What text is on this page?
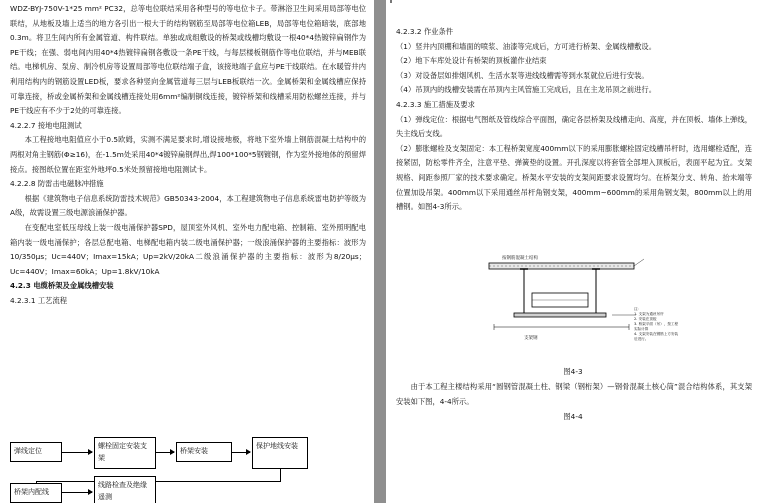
WDZ-BYJ-750V-1*25 mm² PC32，总等电位联结采用各种型号的等电位卡子。带淋浴卫生间采用局部等电位联结，从地板及墙上适当的地方各引出一根大于的结构钢筋至局部等电位箱LEB，局部等电位箱暗装，底部地0.3m。将卫生间内所有金属管道、构件联结。单独或成组敷设的桥架或线槽均敷设一根40*4热镀锌扁钢作为PE干线；在强、弱电间内用40*4热镀锌扁钢各敷设一条PE干线，与每层楼板钢筋作等电位联结，并与MEB联结。电梯机房、泵房、制冷机房等设置局部等电位联结端子盒，该接地端子盒应与PE干线联结。在水暖管井内利用结构内的钢筋设置LED板，要求各种竖向金属管道每三层与LEB板联结一次。金属桥架和金属线槽应保持可靠连接，桥或金属桥架和金属线槽连接处用6mm²编制铜线连接，镀锌桥架和线槽采用防松螺丝连接，并与PE干线应有不少于2处的可靠连接。

4.2.2.7 接地电阻测试

本工程接地电阻值应小于0.5欧姆，实测不满足要求时,增设接地极，将地下室外墙上钢筋混凝土结构中的两根对角主钢筋(Φ≥16)，在-1.5m处采用40*4镀锌扁钢焊出,焊100*100*5钢镀钢，作为室外接地体的预留焊接点。接图纸位置在距室外地坪0.5米处预留接地电阻测试卡。

4.2.2.8 防雷击电磁脉冲措施

根据《建筑物电子信息系统防雷技术规范》GB50343-2004，本工程建筑物电子信息系统雷电防护等级为A级，故需设置三级电源浪涌保护器。

在变配电室低压母线上装一级电涌保护器SPD，屋顶室外风机、室外电力配电箱、控制箱、室外照明配电箱内装一级电涌保护；各层总配电箱、电梯配电箱内装二级电涌保护器；一级浪涌保护器的主要指标：波形为10/350μs；Uc=440V；Imax=15kA；Up=2kV/20kA二级浪涌保护器的主要指标：波形为8/20μs；Uc=440V；Imax=60kA；Up=1.8kV/10kA

4.2.3 电缆桥架及金属线槽安装

4.2.3.1 工艺流程

弹线定位
螺栓固定安装支架
桥架安装
保护地线安装
桥架内配线
线路检查及绝缘遥测

4.2.3.2 作业条件

（1）竖井内顶棚和墙面的喷浆、油漆等完成后，方可进行桥架、金属线槽敷设。

（2）地下车库处设计有桥架的顶板灌作业结束

（3）对设备层如排烟风机、生活水泵等进线线槽需等到水泵就位后进行安装。

（4）吊顶内的线槽安装需在吊顶内主风管施工完成后，且在主龙吊顶之前进行。

4.2.3.3 施工措施及要求

（1）弹线定位：根据电气图纸及管线综合平面图，确定各层桥架及线槽走向、高度，并在顶板、墙体上弹线，失主线后支线。

（2）膨胀螺栓及支架固定：本工程桥架宽度400mm以下的采用膨胀螺栓固定线槽吊杆时，选用螺栓适配，连接紧固，防松零件齐全，注意平垫、弹簧垫的设置。开孔深度以将套管全部埋入顶板后，表面平起为宜。支架规格、间距参照厂家的技术要求确定。桥架水平安装的支架间距要求设置均匀。在桥架分支、转角、抬未端等位置加设吊架。400mm以下采用通丝吊杆角钢支架，400mm~600mm的采用角钢支架，800mm以上的用槽钢。如图4-3所示。

按钢筋混凝土结构
支架钢
注：
1. 支架为通丝吊杆
2. 安装在顶板
3. 桥架平面（吊），按工程实际计算
4. 支架安装在钢筋上方安装后进行。
图4-3

由于本工程主楼结构采用“圆钢管混凝土柱、钢梁（钢桁架）—钢骨混凝土核心筒”混合结构体系，其支架安装如下图，4-4所示。

图4-4
